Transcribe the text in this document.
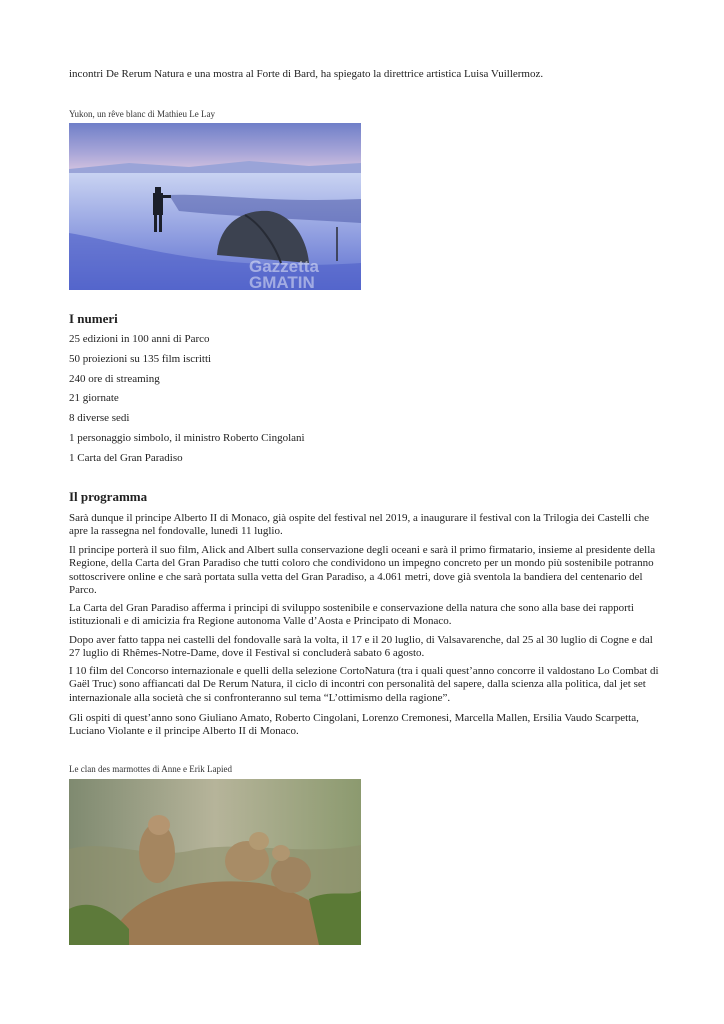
incontri De Rerum Natura e una mostra al Forte di Bard, ha spiegato la direttrice artistica Luisa Vuillermoz.

Yukon, un rêve blanc di Mathieu Le Lay

Gazzetta
GMATIN
I numeri
25 edizioni in 100 anni di Parco
50 proiezioni su 135 film iscritti
240 ore di streaming
21 giornate
8 diverse sedi
1 personaggio simbolo, il ministro Roberto Cingolani
1 Carta del Gran Paradiso
Il programma

Sarà dunque il principe Alberto II di Monaco, già ospite del festival nel 2019, a inaugurare il festival con la Trilogia dei Castelli che apre la rassegna nel fondovalle, lunedì 11 luglio.

Il principe porterà il suo film, Alick and Albert sulla conservazione degli oceani e sarà il primo firmatario, insieme al presidente della Regione, della Carta del Gran Paradiso che tutti coloro che condividono un impegno concreto per un mondo più sostenibile potranno sottoscrivere online e che sarà portata sulla vetta del Gran Paradiso, a 4.061 metri, dove già sventola la bandiera del centenario del Parco.

La Carta del Gran Paradiso afferma i principi di sviluppo sostenibile e conservazione della natura che sono alla base dei rapporti istituzionali e di amicizia fra Regione autonoma Valle d’Aosta e Principato di Monaco.

Dopo aver fatto tappa nei castelli del fondovalle sarà la volta, il 17 e il 20 luglio, di Valsavarenche, dal 25 al 30 luglio di Cogne e dal 27 luglio di Rhêmes-Notre-Dame, dove il Festival si concluderà sabato 6 agosto.

I 10 film del Concorso internazionale e quelli della selezione CortoNatura (tra i quali quest’anno concorre il valdostano Lo Combat di Gaël Truc) sono affiancati dal De Rerum Natura, il ciclo di incontri con personalità del sapere, dalla scienza alla politica, dal jet set internazionale alla società che si confronteranno sul tema “L’ottimismo della ragione”.

Gli ospiti di quest’anno sono Giuliano Amato, Roberto Cingolani, Lorenzo Cremonesi, Marcella Mallen, Ersilia Vaudo Scarpetta, Luciano Violante e il principe Alberto II di Monaco.

Le clan des marmottes di Anne e Erik Lapied
